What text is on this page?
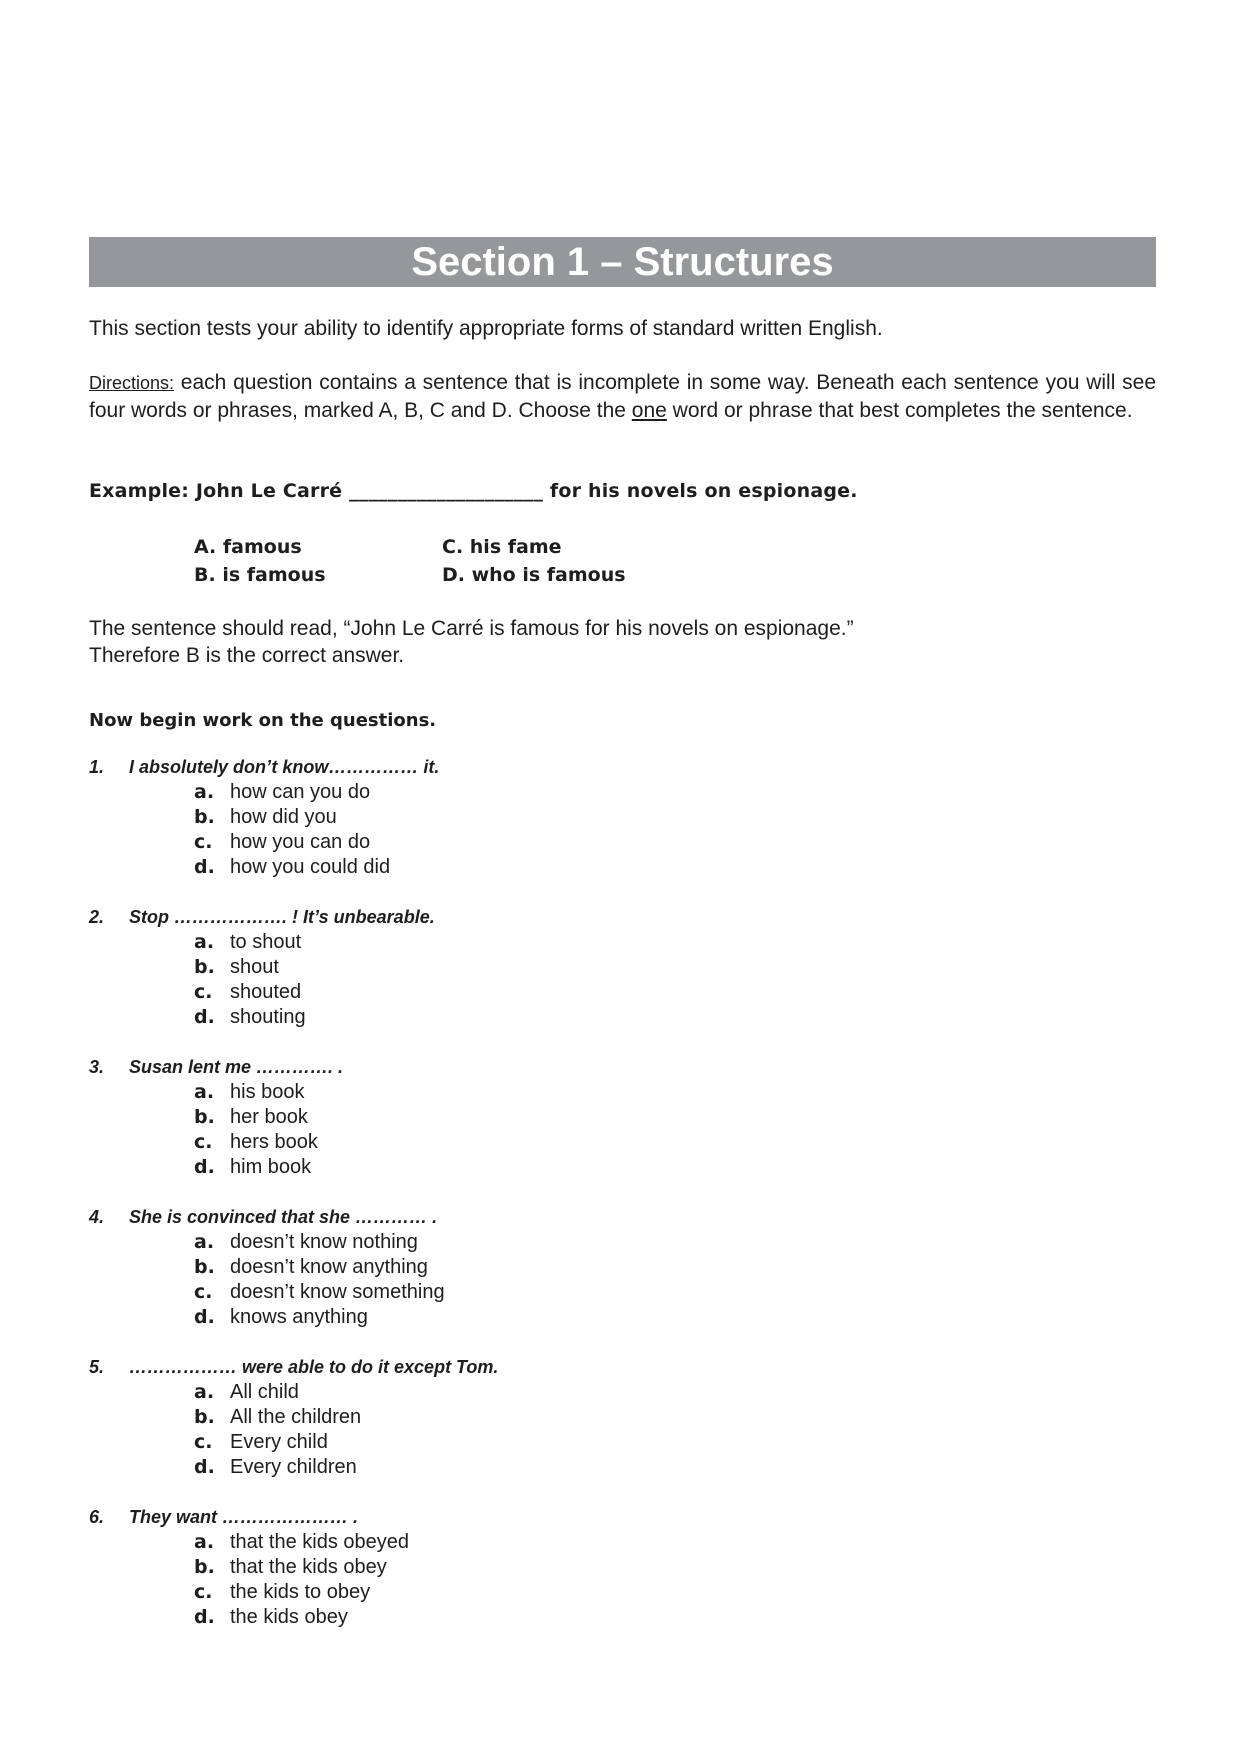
Section 1 – Structures
This section tests your ability to identify appropriate forms of standard written English.
Directions: each question contains a sentence that is incomplete in some way. Beneath each sentence you will see four words or phrases, marked A, B, C and D. Choose the one word or phrase that best completes the sentence.
Example: John Le Carré ____________________ for his novels on espionage.
A. famous	C. his fame
B. is famous	D. who is famous
The sentence should read, “John Le Carré is famous for his novels on espionage.”
Therefore B is the correct answer.
Now begin work on the questions.
1. I absolutely don’t know…………… it.
a. how can you do
b. how did you
c. how you can do
d. how you could did
2. Stop ………………. ! It’s unbearable.
a. to shout
b. shout
c. shouted
d. shouting
3. Susan lent me …………. .
a. his book
b. her book
c. hers book
d. him book
4. She is convinced that she ………… .
a. doesn’t know nothing
b. doesn’t know anything
c. doesn’t know something
d. knows anything
5. ……………… were able to do it except Tom.
a. All child
b. All the children
c. Every child
d. Every children
6. They want ………………… .
a. that the kids obeyed
b. that the kids obey
c. the kids to obey
d. the kids obey
